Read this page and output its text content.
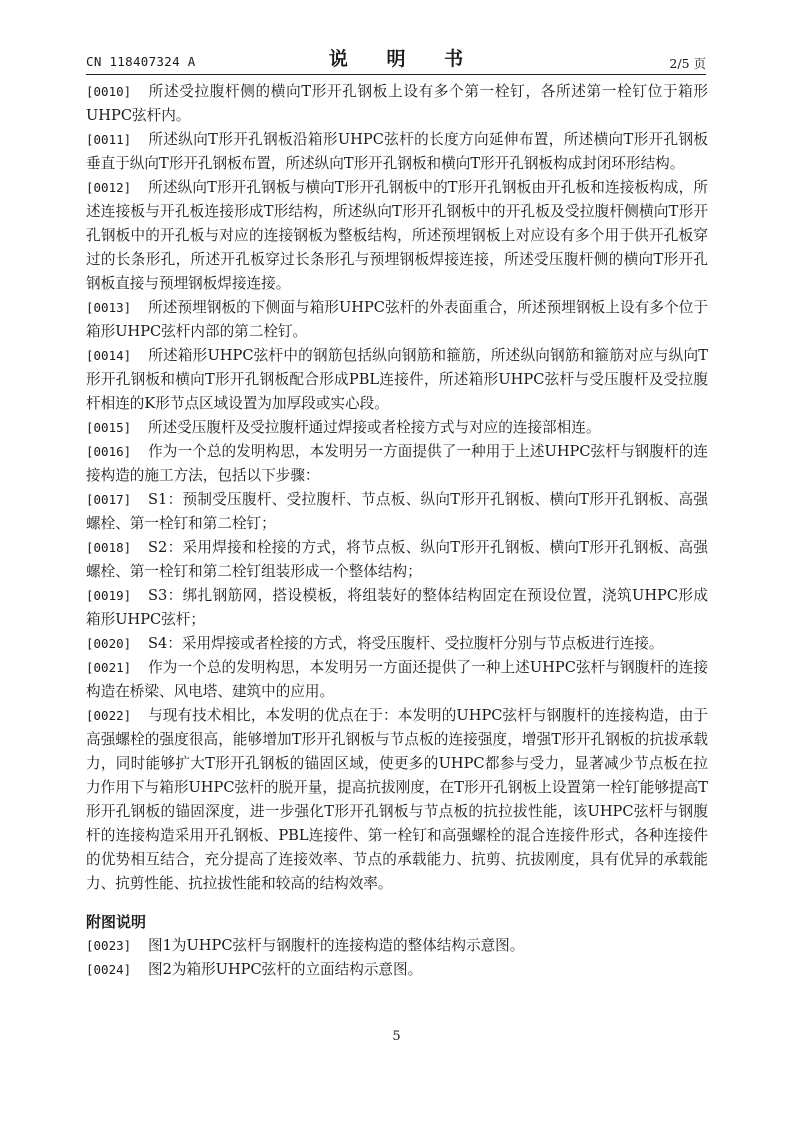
CN 118407324 A	说 明 书	2/5 页

[0010] 所述受拉腹杆侧的横向T形开孔钢板上设有多个第一栓钉，各所述第一栓钉位于箱形UHPC弦杆内。

[0011] 所述纵向T形开孔钢板沿箱形UHPC弦杆的长度方向延伸布置，所述横向T形开孔钢板垂直于纵向T形开孔钢板布置，所述纵向T形开孔钢板和横向T形开孔钢板构成封闭环形结构。

[0012] 所述纵向T形开孔钢板与横向T形开孔钢板中的T形开孔钢板由开孔板和连接板构成，所述连接板与开孔板连接形成T形结构，所述纵向T形开孔钢板中的开孔板及受拉腹杆侧横向T形开孔钢板中的开孔板与对应的连接钢板为整板结构，所述预埋钢板上对应设有多个用于供开孔板穿过的长条形孔，所述开孔板穿过长条形孔与预埋钢板焊接连接，所述受压腹杆侧的横向T形开孔钢板直接与预埋钢板焊接连接。

[0013] 所述预埋钢板的下侧面与箱形UHPC弦杆的外表面重合，所述预埋钢板上设有多个位于箱形UHPC弦杆内部的第二栓钉。

[0014] 所述箱形UHPC弦杆中的钢筋包括纵向钢筋和箍筋，所述纵向钢筋和箍筋对应与纵向T形开孔钢板和横向T形开孔钢板配合形成PBL连接件，所述箱形UHPC弦杆与受压腹杆及受拉腹杆相连的K形节点区域设置为加厚段或实心段。

[0015] 所述受压腹杆及受拉腹杆通过焊接或者栓接方式与对应的连接部相连。

[0016] 作为一个总的发明构思，本发明另一方面提供了一种用于上述UHPC弦杆与钢腹杆的连接构造的施工方法，包括以下步骤：

[0017] S1：预制受压腹杆、受拉腹杆、节点板、纵向T形开孔钢板、横向T形开孔钢板、高强螺栓、第一栓钉和第二栓钉；

[0018] S2：采用焊接和栓接的方式，将节点板、纵向T形开孔钢板、横向T形开孔钢板、高强螺栓、第一栓钉和第二栓钉组装形成一个整体结构；

[0019] S3：绑扎钢筋网，搭设模板，将组装好的整体结构固定在预设位置，浇筑UHPC形成箱形UHPC弦杆；

[0020] S4：采用焊接或者栓接的方式，将受压腹杆、受拉腹杆分别与节点板进行连接。

[0021] 作为一个总的发明构思，本发明另一方面还提供了一种上述UHPC弦杆与钢腹杆的连接构造在桥梁、风电塔、建筑中的应用。

[0022] 与现有技术相比，本发明的优点在于：本发明的UHPC弦杆与钢腹杆的连接构造，由于高强螺栓的强度很高，能够增加T形开孔钢板与节点板的连接强度，增强T形开孔钢板的抗拔承载力，同时能够扩大T形开孔钢板的锚固区域，使更多的UHPC都参与受力，显著减少节点板在拉力作用下与箱形UHPC弦杆的脱开量，提高抗拔刚度，在T形开孔钢板上设置第一栓钉能够提高T形开孔钢板的锚固深度，进一步强化T形开孔钢板与节点板的抗拉拔性能，该UHPC弦杆与钢腹杆的连接构造采用开孔钢板、PBL连接件、第一栓钉和高强螺栓的混合连接件形式，各种连接件的优势相互结合，充分提高了连接效率、节点的承载能力、抗剪、抗拔刚度，具有优异的承载能力、抗剪性能、抗拉拔性能和较高的结构效率。

附图说明

[0023] 图1为UHPC弦杆与钢腹杆的连接构造的整体结构示意图。

[0024] 图2为箱形UHPC弦杆的立面结构示意图。

5
